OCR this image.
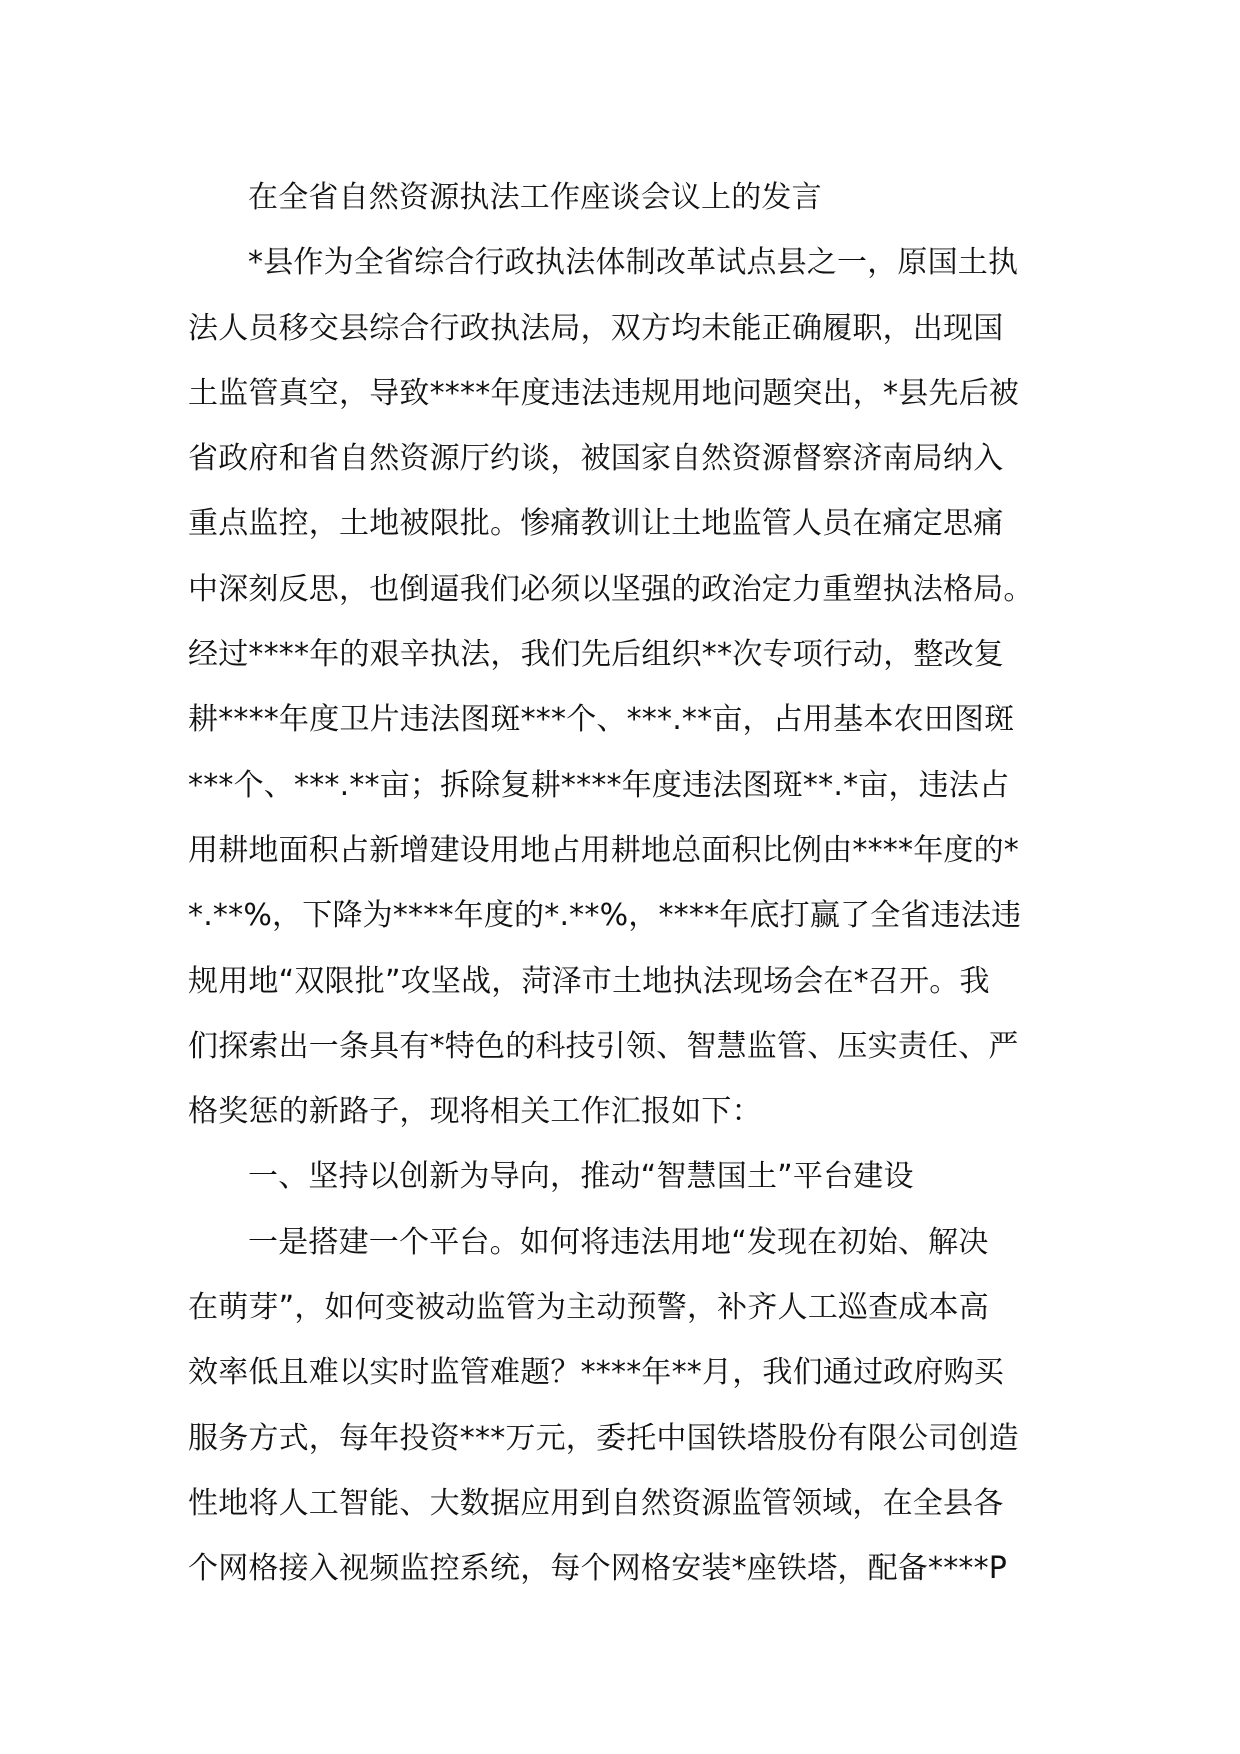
在全省自然资源执法工作座谈会议上的发言
*县作为全省综合行政执法体制改革试点县之一，原国土执
法人员移交县综合行政执法局，双方均未能正确履职，出现国
土监管真空，导致****年度违法违规用地问题突出，*县先后被
省政府和省自然资源厅约谈，被国家自然资源督察济南局纳入
重点监控，土地被限批。惨痛教训让土地监管人员在痛定思痛
中深刻反思，也倒逼我们必须以坚强的政治定力重塑执法格局。
经过****年的艰辛执法，我们先后组织**次专项行动，整改复
耕****年度卫片违法图斑***个、***.**亩，占用基本农田图斑
***个、***.**亩；拆除复耕****年度违法图斑**.*亩，违法占
用耕地面积占新增建设用地占用耕地总面积比例由****年度的*
*.**%，下降为****年度的*.**%，****年底打赢了全省违法违
规用地“双限批”攻坚战，菏泽市土地执法现场会在*召开。我
们探索出一条具有*特色的科技引领、智慧监管、压实责任、严
格奖惩的新路子，现将相关工作汇报如下：
一、坚持以创新为导向，推动“智慧国土”平台建设
一是搭建一个平台。如何将违法用地“发现在初始、解决
在萌芽”，如何变被动监管为主动预警，补齐人工巡查成本高
效率低且难以实时监管难题？****年**月，我们通过政府购买
服务方式，每年投资***万元，委托中国铁塔股份有限公司创造
性地将人工智能、大数据应用到自然资源监管领域，在全县各
个网格接入视频监控系统，每个网格安装*座铁塔，配备****P
